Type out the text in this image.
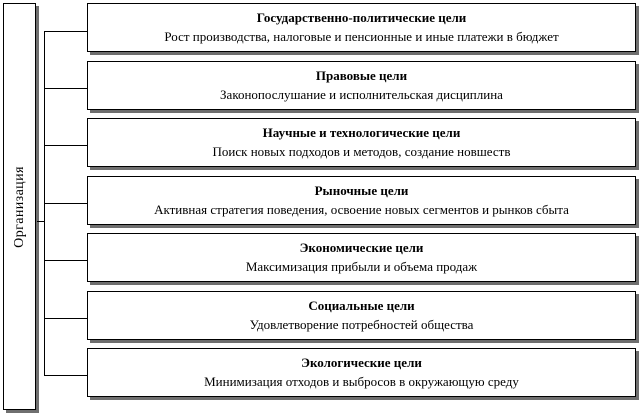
Организация
Государственно-политические цели
Рост производства, налоговые и пенсионные и иные платежи в бюджет
Правовые цели
Законопослушание и исполнительская дисциплина
Научные и технологические цели
Поиск новых подходов и методов, создание новшеств
Рыночные цели
Активная стратегия поведения, освоение новых сегментов и рынков сбыта
Экономические цели
Максимизация прибыли и объема продаж
Социальные цели
Удовлетворение потребностей общества
Экологические цели
Минимизация отходов и выбросов в окружающую среду
